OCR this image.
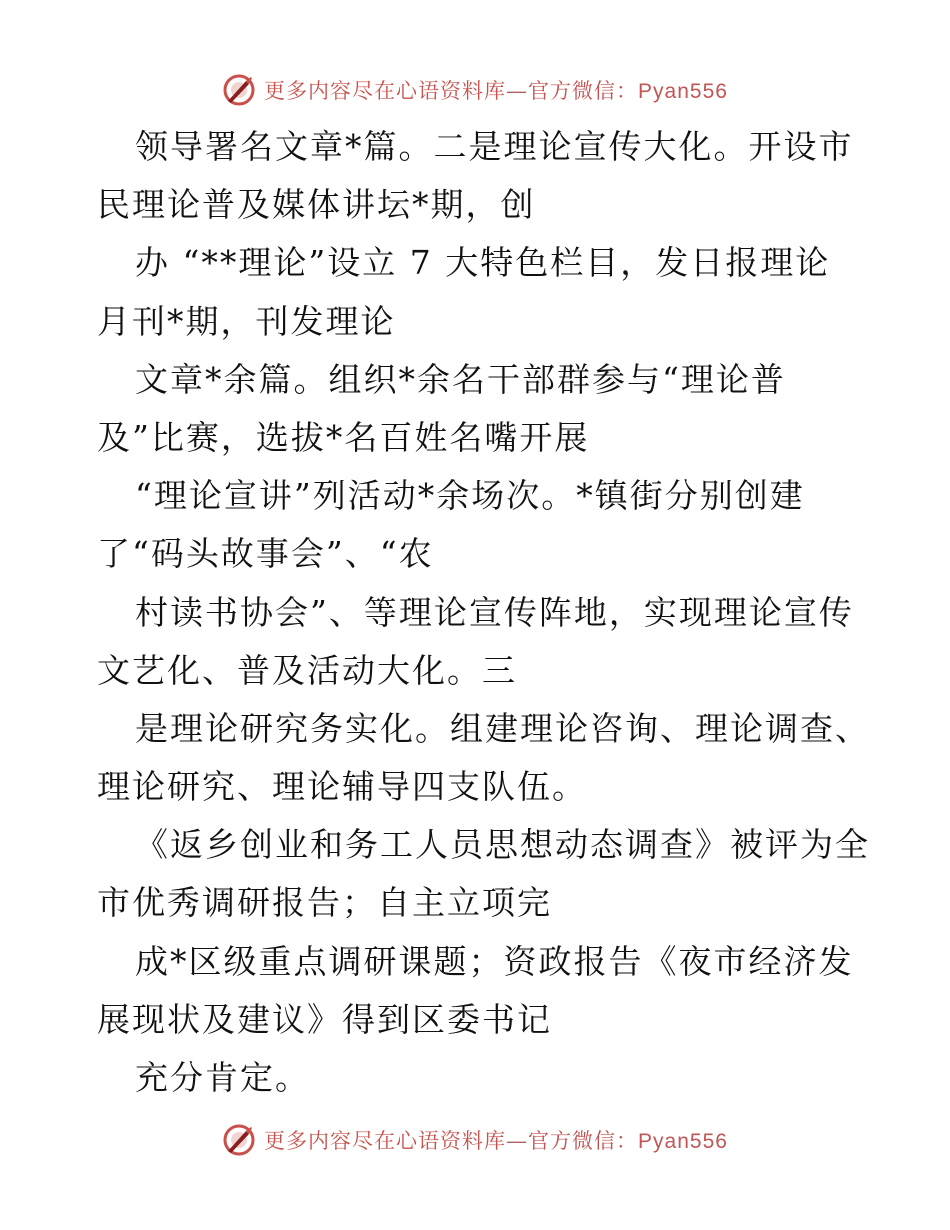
更多内容尽在心语资料库—官方微信：Pyan556
领导署名文章*篇。二是理论宣传大化。开设市
民理论普及媒体讲坛*期，创
办 “**理论”设立 7 大特色栏目，发日报理论
月刊*期，刊发理论
文章*余篇。组织*余名干部群参与“理论普
及”比赛，选拔*名百姓名嘴开展
“理论宣讲”列活动*余场次。*镇街分别创建
了“码头故事会”、“农
村读书协会”、等理论宣传阵地，实现理论宣传
文艺化、普及活动大化。三
是理论研究务实化。组建理论咨询、理论调查、
理论研究、理论辅导四支队伍。
《返乡创业和务工人员思想动态调查》被评为全
市优秀调研报告；自主立项完
成*区级重点调研课题；资政报告《夜市经济发
展现状及建议》得到区委书记
充分肯定。
更多内容尽在心语资料库—官方微信：Pyan556
